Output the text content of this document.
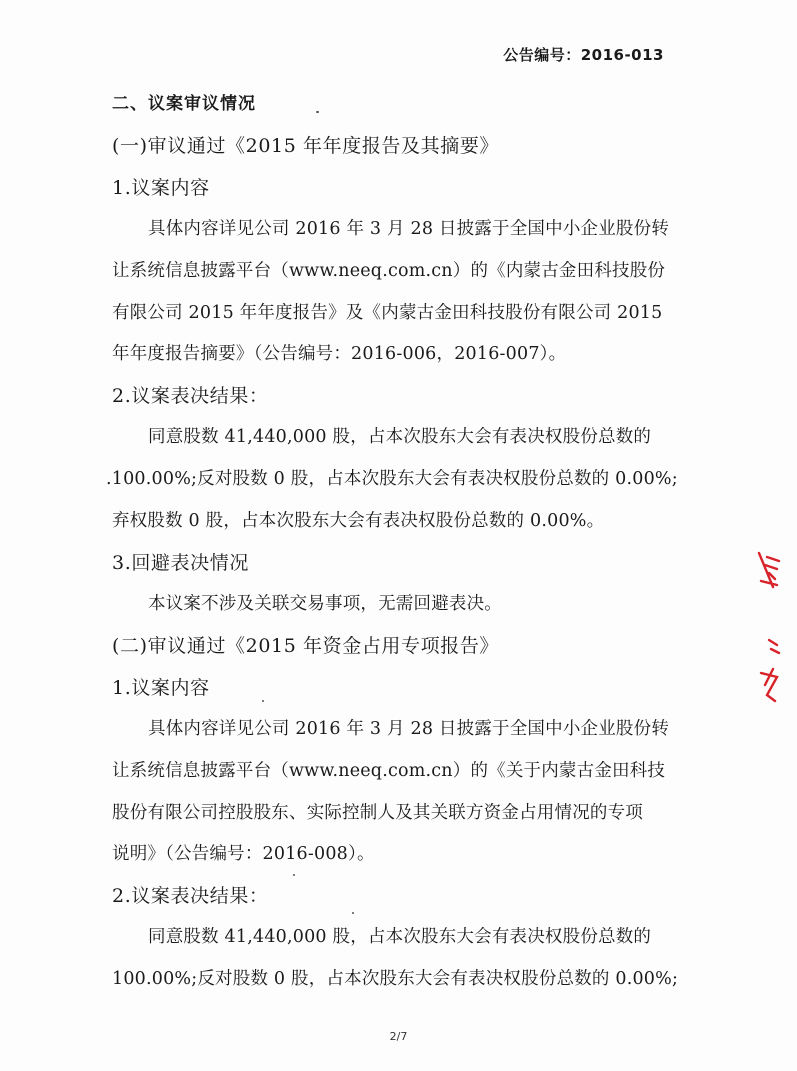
公告编号：2016-013
二、议案审议情况
(一)审议通过《2015 年年度报告及其摘要》
1.议案内容
具体内容详见公司 2016 年 3 月 28 日披露于全国中小企业股份转
让系统信息披露平台（www.neeq.com.cn）的《内蒙古金田科技股份
有限公司 2015 年年度报告》及《内蒙古金田科技股份有限公司 2015
年年度报告摘要》（公告编号：2016-006，2016-007）。
2.议案表决结果：
同意股数 41,440,000 股，占本次股东大会有表决权股份总数的
.100.00%;反对股数 0 股，占本次股东大会有表决权股份总数的 0.00%;
弃权股数 0 股，占本次股东大会有表决权股份总数的 0.00%。
3.回避表决情况
本议案不涉及关联交易事项，无需回避表决。
(二)审议通过《2015 年资金占用专项报告》
1.议案内容
具体内容详见公司 2016 年 3 月 28 日披露于全国中小企业股份转
让系统信息披露平台（www.neeq.com.cn）的《关于内蒙古金田科技
股份有限公司控股股东、实际控制人及其关联方资金占用情况的专项
说明》（公告编号：2016-008）。
2.议案表决结果：
同意股数 41,440,000 股，占本次股东大会有表决权股份总数的
100.00%;反对股数 0 股，占本次股东大会有表决权股份总数的 0.00%;
2/7
